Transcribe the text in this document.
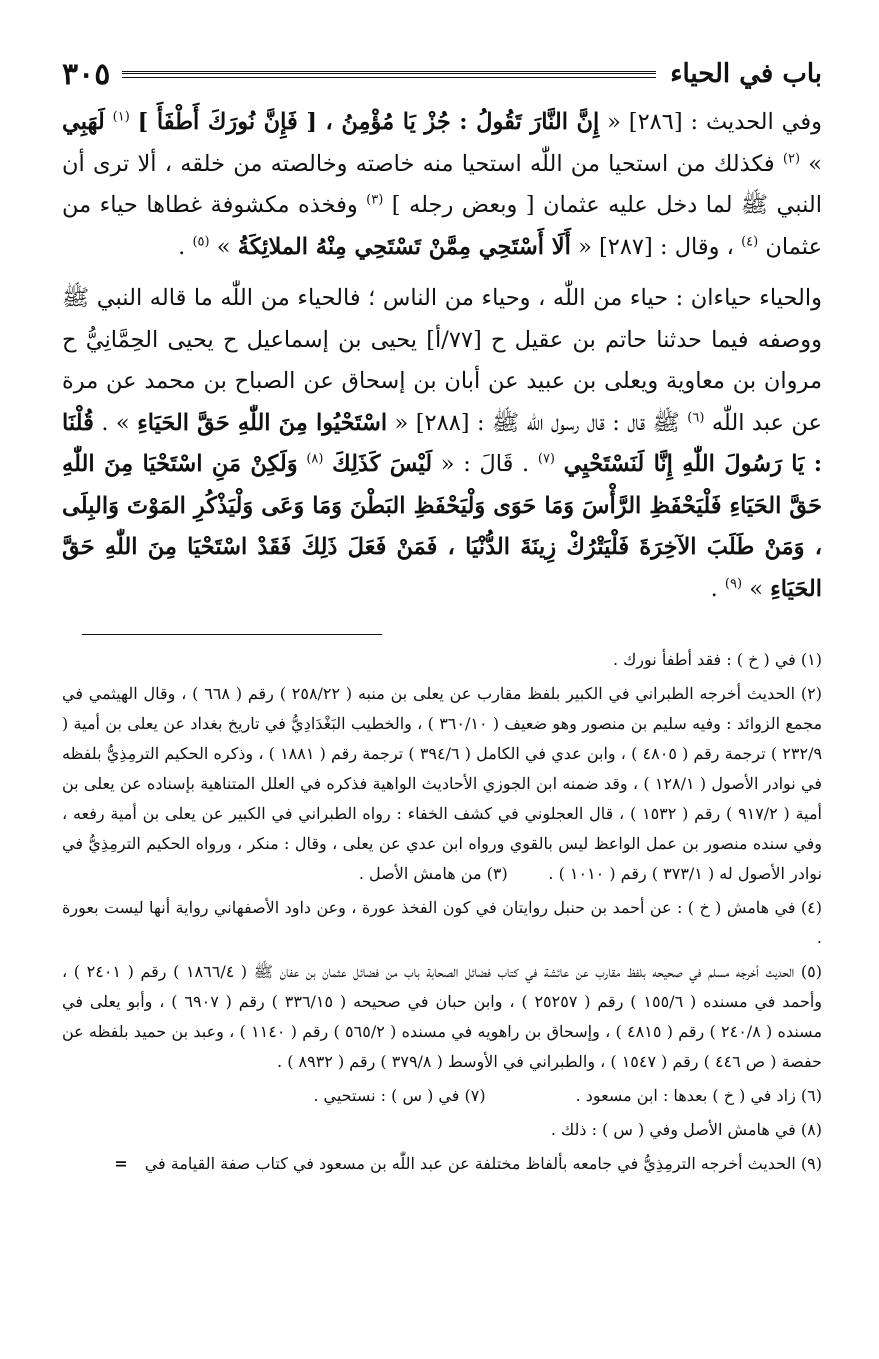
باب في الحياء
٣٠٥

وفي الحديث : [٢٨٦] « إِنَّ النَّارَ تَقُولُ : جُزْ يَا مُؤْمِنُ ، [ فَإِنَّ نُورَكَ أَطْفَأَ ] $^{(١)}$ لَهَبِي » $^{(٢)}$ فكذلك من استحيا من اللّٰه استحيا منه خاصته وخالصته من خلقه ، ألا ترى أن النبي ﷺ لما دخل عليه عثمان [ وبعض رجله ] $^{(٣)}$ وفخذه مكشوفة غطاها حياء من عثمان $^{(٤)}$ ، وقال : [٢٨٧] « أَلَا أَسْتَحِي مِمَّنْ تَسْتَحِي مِنْهُ الملائِكَةُ » $^{(٥)}$ .

والحياء حياءان : حياء من اللّٰه ، وحياء من الناس ؛ فالحياء من اللّٰه ما قاله النبي ﷺ ووصفه فيما حدثنا حاتم بن عقيل ح [٧٧/أ] يحيى بن إسماعيل ح يحيى الحِمَّانِيُّ ح مروان بن معاوية ويعلى بن عبيد عن أبان بن إسحاق عن الصباح بن محمد عن مرة عن عبد اللّٰه $^{(٦)}$ ﷺ قال : قال رسول اللّٰه ﷺ : [٢٨٨] « اسْتَحْيُوا مِنَ اللّٰهِ حَقَّ الحَيَاءِ » . قُلْنَا : يَا رَسُولَ اللّٰهِ إِنَّا لَنَسْتَحْيِي $^{(٧)}$ . قَالَ : « لَيْسَ كَذَلِكَ $^{(٨)}$ وَلَكِنْ مَنِ اسْتَحْيَا مِنَ اللّٰهِ حَقَّ الحَيَاءِ فَلْيَحْفَظِ الرَّأْسَ وَمَا حَوَى وَلْيَحْفَظِ البَطْنَ وَمَا وَعَى وَلْيَذْكُرِ المَوْتَ وَالبِلَى ، وَمَنْ طَلَبَ الآخِرَةَ فَلْيَتْرُكْ زِينَةَ الدُّنْيَا ، فَمَنْ فَعَلَ ذَلِكَ فَقَدْ اسْتَحْيَا مِنَ اللّٰهِ حَقَّ الحَيَاءِ » $^{(٩)}$ .

(١) في ( خ ) : فقد أطفأ نورك .

(٢) الحديث أخرجه الطبراني في الكبير بلفظ مقارب عن يعلى بن منبه ( ٢٥٨/٢٢ ) رقم ( ٦٦٨ ) ، وقال الهيثمي في مجمع الزوائد : وفيه سليم بن منصور وهو ضعيف ( ٣٦٠/١٠ ) ، والخطيب البَغْدَادِيُّ في تاريخ بغداد عن يعلى بن أمية ( ٢٣٢/٩ ) ترجمة رقم ( ٤٨٠٥ ) ، وابن عدي في الكامل ( ٣٩٤/٦ ) ترجمة رقم ( ١٨٨١ ) ، وذكره الحكيم الترمِذِيُّ بلفظه في نوادر الأصول ( ١٢٨/١ ) ، وقد ضمنه ابن الجوزي الأحاديث الواهية فذكره في العلل المتناهية بإسناده عن يعلى بن أمية ( ٩١٧/٢ ) رقم ( ١٥٣٢ ) ، قال العجلوني في كشف الخفاء : رواه الطبراني في الكبير عن يعلى بن أمية رفعه ، وفي سنده منصور بن عمل الواعظ ليس بالقوي ورواه ابن عدي عن يعلى ، وقال : منكر ، ورواه الحكيم الترمِذِيُّ في نوادر الأصول له ( ٣٧٣/١ ) رقم ( ١٠١٠ ) .        (٣) من هامش الأصل .

(٤) في هامش ( خ ) : عن أحمد بن حنبل روايتان في كون الفخذ عورة ، وعن داود الأصفهاني رواية أنها ليست بعورة .

(٥) الحديث أخرجه مسلم في صحيحه بلفظ مقارب عن عائشة في كتاب فضائل الصحابة باب من فضائل عثمان بن عفان ﷺ ( ١٨٦٦/٤ ) رقم ( ٢٤٠١ ) ، وأحمد في مسنده ( ١٥٥/٦ ) رقم ( ٢٥٢٥٧ ) ، وابن حبان في صحيحه ( ٣٣٦/١٥ ) رقم ( ٦٩٠٧ ) ، وأبو يعلى في مسنده ( ٢٤٠/٨ ) رقم ( ٤٨١٥ ) ، وإسحاق بن راهويه في مسنده ( ٥٦٥/٢ ) رقم ( ١١٤٠ ) ، وعبد بن حميد بلفظه عن حفصة ( ص ٤٤٦ ) رقم ( ١٥٤٧ ) ، والطبراني في الأوسط ( ٣٧٩/٨ ) رقم ( ٨٩٣٢ ) .

(٦) زاد في ( خ ) بعدها : ابن مسعود .
(٧) في ( س ) : نستحيي .

(٨) في هامش الأصل وفي ( س ) : ذلك .

(٩) الحديث أخرجه الترمِذِيُّ في جامعه بألفاظ مختلفة عن عبد اللّٰه بن مسعود في كتاب صفة القيامة في =
